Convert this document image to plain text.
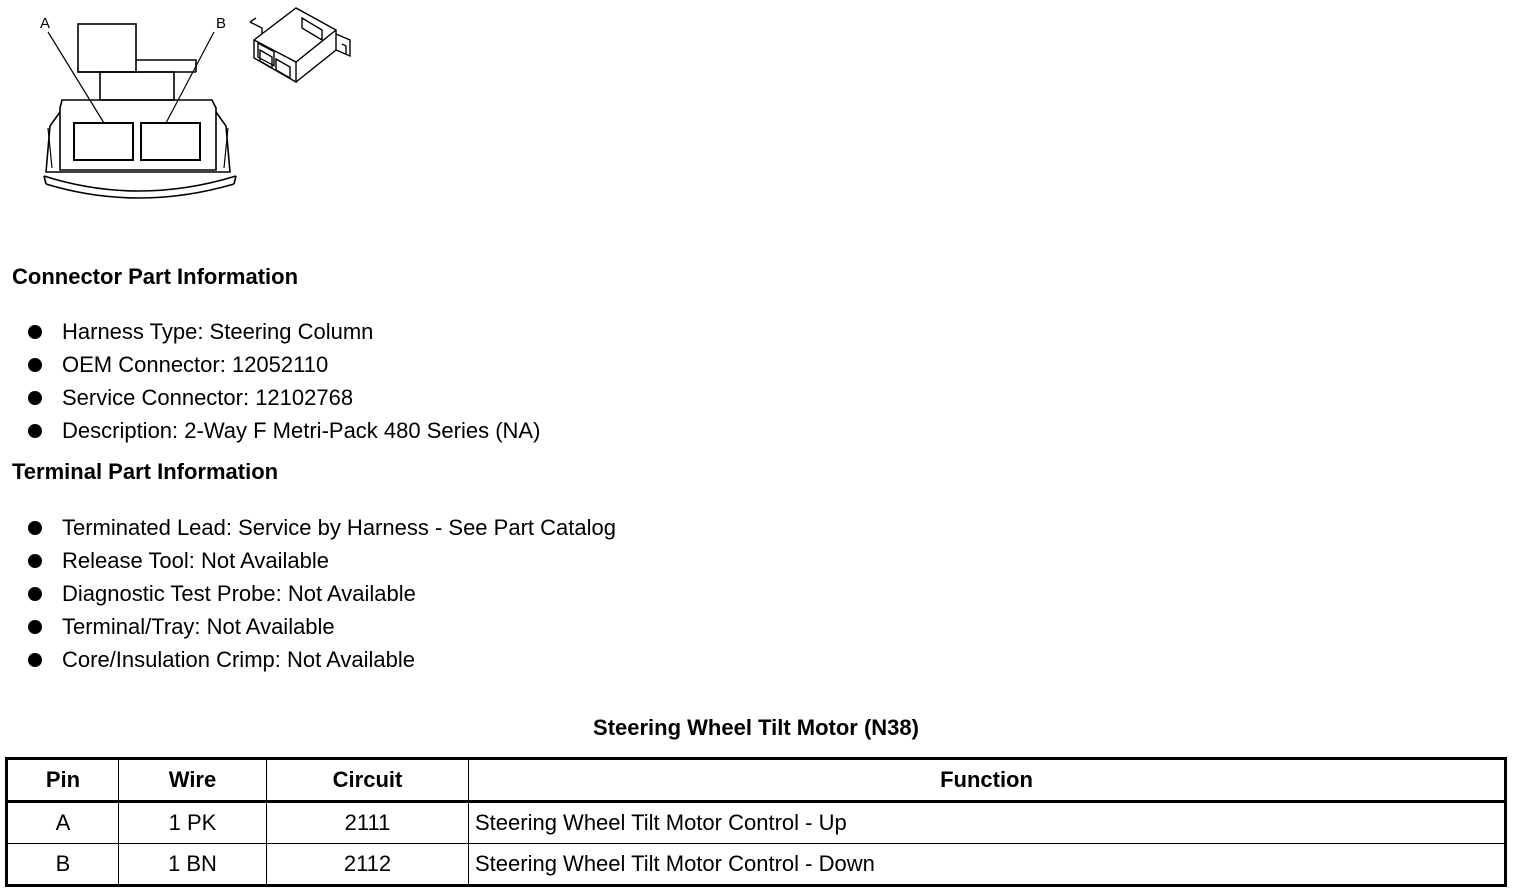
A	B
Connector Part Information
Harness Type: Steering Column
OEM Connector: 12052110
Service Connector: 12102768
Description: 2-Way F Metri-Pack 480 Series (NA)
Terminal Part Information
Terminated Lead: Service by Harness - See Part Catalog
Release Tool: Not Available
Diagnostic Test Probe: Not Available
Terminal/Tray: Not Available
Core/Insulation Crimp: Not Available
Steering Wheel Tilt Motor (N38)
Pin	Wire	Circuit	Function
A	1 PK	2111	Steering Wheel Tilt Motor Control - Up
B	1 BN	2112	Steering Wheel Tilt Motor Control - Down
